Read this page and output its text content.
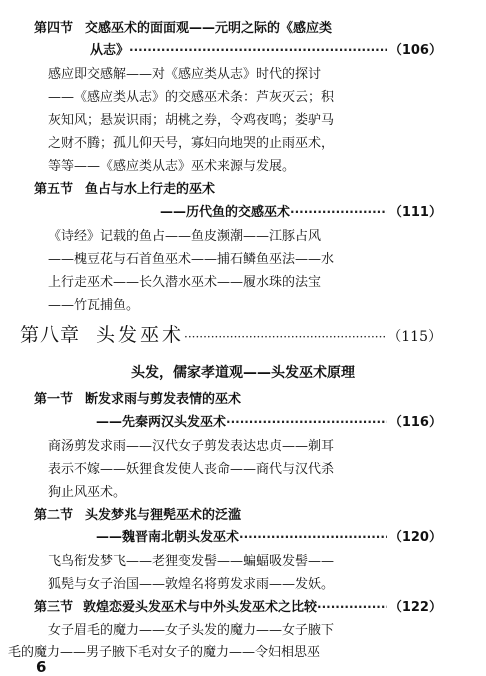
第四节 交感巫术的面面观——元明之际的《感应类
从志》 ·····	（106）
感应即交感解——对《感应类从志》时代的探讨
——《感应类从志》的交感巫术条：芦灰灭云；积
灰知风；悬炭识雨；胡桃之券，令鸡夜鸣；娄驴马
之财不腾；孤儿仰天号，寡妇向地哭的止雨巫术，
等等——《感应类从志》巫术来源与发展。
第五节 鱼占与水上行走的巫术
——历代鱼的交感巫术 ·····	（111）
《诗经》记载的鱼占——鱼皮濒潮——江豚占风
——槐豆花与石首鱼巫术——捕石鳞鱼巫法——水
上行走巫术——长久潜水巫术——履水珠的法宝
——竹瓦捕鱼。
第八章 头发巫术 ·····	（115）
头发，儒家孝道观——头发巫术原理
第一节 断发求雨与剪发表情的巫术
——先秦两汉头发巫术 ·····	（116）
商汤剪发求雨——汉代女子剪发表达忠贞——剃耳
表示不嫁——妖狸食发使人丧命——商代与汉代杀
狗止风巫术。
第二节 头发梦兆与狸髡巫术的泛滥
——魏晋南北朝头发巫术 ·····	（120）
飞鸟衔发梦飞——老狸变发髻——蝙蝠吸发髻——
狐髡与女子治国——敦煌名将剪发求雨——发妖。
第三节 敦煌恋爱头发巫术与中外头发巫术之比较 ·····	（122）
女子眉毛的魔力——女子头发的魔力——女子腋下
毛的魔力——男子腋下毛对女子的魔力——令妇相思巫
6
